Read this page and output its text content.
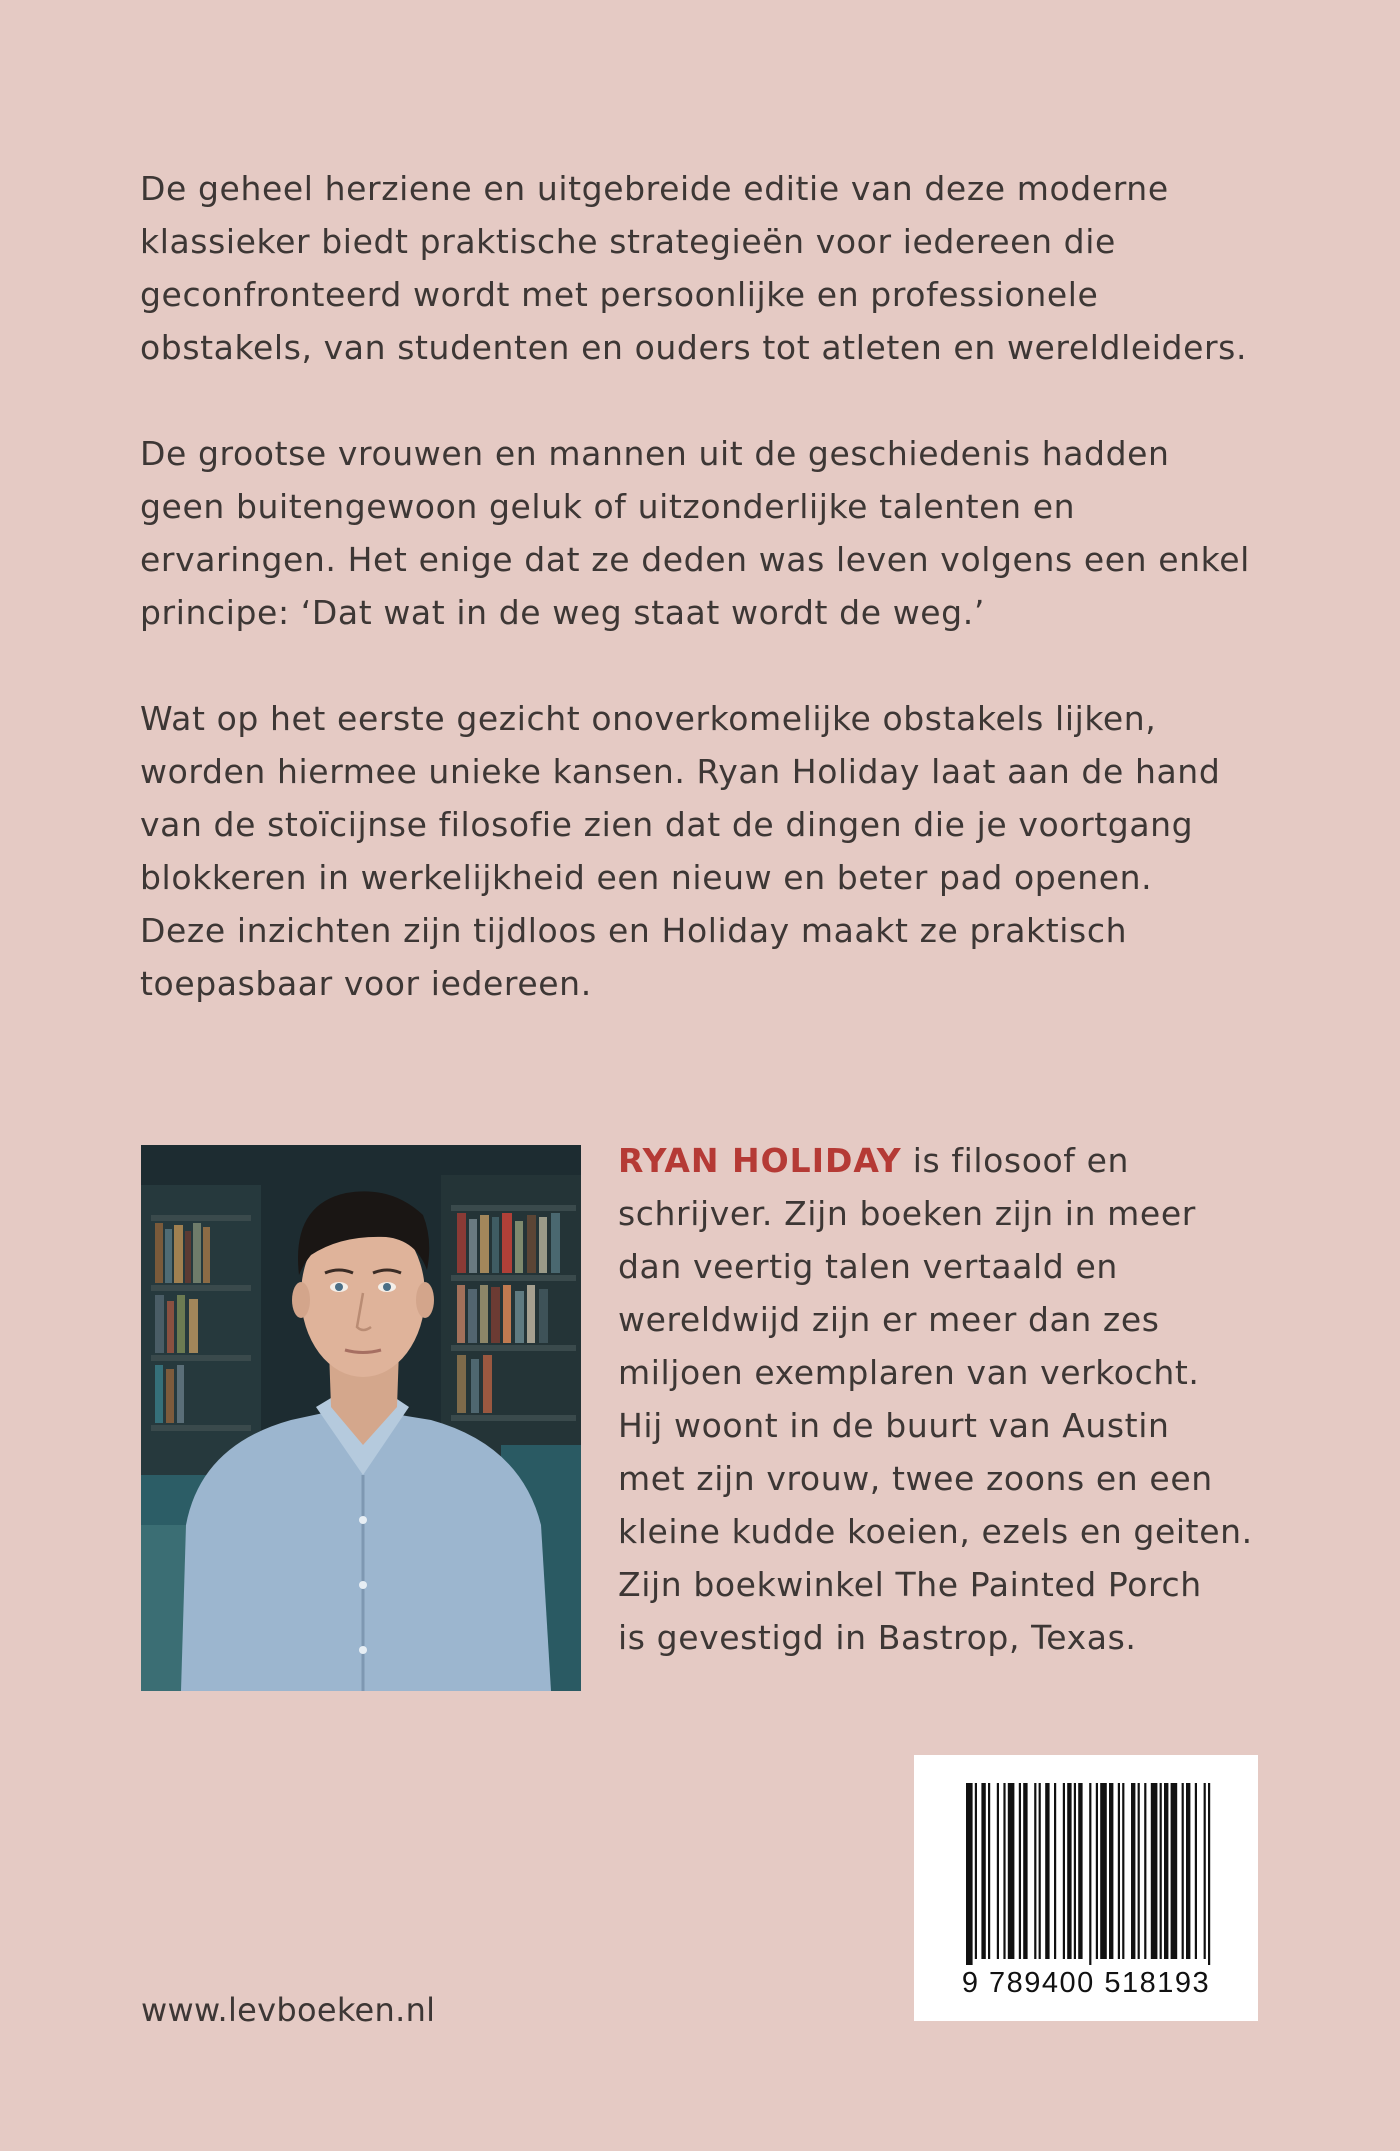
De geheel herziene en uitgebreide editie van deze moderne
klassieker biedt praktische strategieën voor iedereen die
geconfronteerd wordt met persoonlijke en professionele
obstakels, van studenten en ouders tot atleten en wereldleiders.

De grootse vrouwen en mannen uit de geschiedenis hadden
geen buitengewoon geluk of uitzonderlijke talenten en
ervaringen. Het enige dat ze deden was leven volgens een enkel
principe: ‘Dat wat in de weg staat wordt de weg.’

Wat op het eerste gezicht onoverkomelijke obstakels lijken,
worden hiermee unieke kansen. Ryan Holiday laat aan de hand
van de stoïcijnse filosofie zien dat de dingen die je voortgang
blokkeren in werkelijkheid een nieuw en beter pad openen.
Deze inzichten zijn tijdloos en Holiday maakt ze praktisch
toepasbaar voor iedereen.

RYAN HOLIDAY is filosoof en
schrijver. Zijn boeken zijn in meer
dan veertig talen vertaald en
wereldwijd zijn er meer dan zes
miljoen exemplaren van verkocht.
Hij woont in de buurt van Austin
met zijn vrouw, twee zoons en een
kleine kudde koeien, ezels en geiten.
Zijn boekwinkel The Painted Porch
is gevestigd in Bastrop, Texas.

www.levboeken.nl
9 789400 518193
